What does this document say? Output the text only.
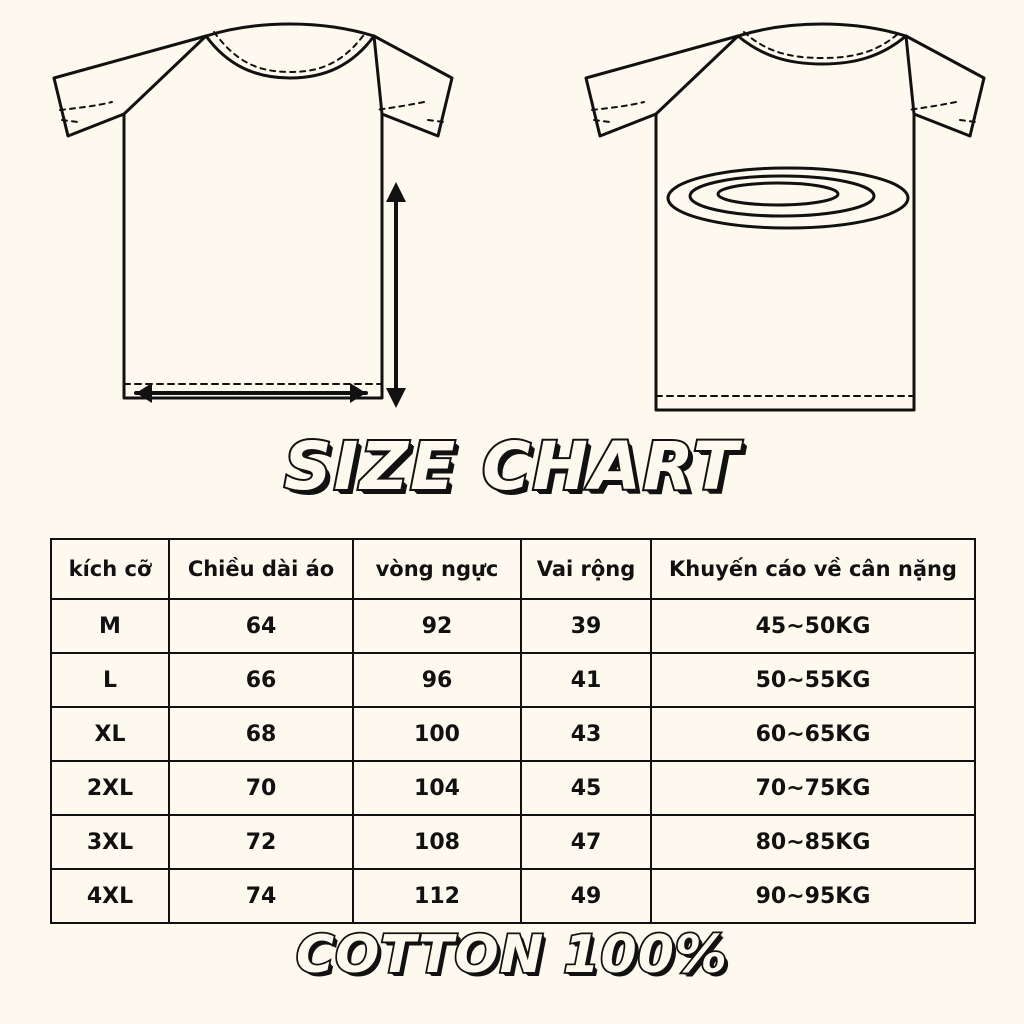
SIZE CHART
kích cỡ	Chiều dài áo	vòng ngực	Vai rộng	Khuyến cáo về cân nặng
M	64	92	39	45~50KG
L	66	96	41	50~55KG
XL	68	100	43	60~65KG
2XL	70	104	45	70~75KG
3XL	72	108	47	80~85KG
4XL	74	112	49	90~95KG
COTTON 100%
